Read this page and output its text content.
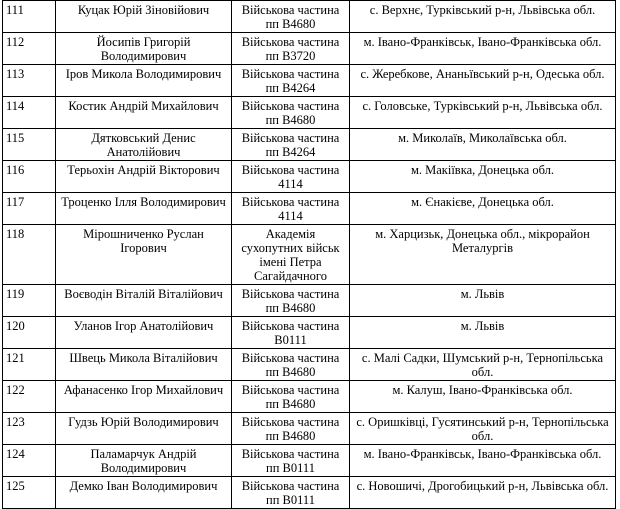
111	Куцак Юрій Зіновійович	Військова частина пп В4680	с. Верхнє, Турківський р-н, Львівська обл.
112	Йосипів Григорій Володимирович	Військова частина пп В3720	м. Івано-Франківськ, Івано-Франківська обл.
113	Іров Микола Володимирович	Військова частина пп В4264	с. Жеребкове, Ананьївський р-н, Одеська обл.
114	Костик Андрій Михайлович	Військова частина пп В4680	с. Головське, Турківський р-н, Львівська обл.
115	Дятковський Денис Анатолійович	Військова частина пп В4264	м. Миколаїв, Миколаївська обл.
116	Терьохін Андрій Вікторович	Військова частина 4114	м. Макіївка, Донецька обл.
117	Троценко Ілля Володимирович	Військова частина 4114	м. Єнакієве, Донецька обл.
118	Мірошниченко Руслан Ігорович	Академія сухопутних військ імені Петра Сагайдачного	м. Харцизьк, Донецька обл., мікрорайон Металургів
119	Воєводін Віталій Віталійович	Військова частина пп В4680	м. Львів
120	Уланов Ігор Анатолійович	Військова частина В0111	м. Львів
121	Швець Микола Віталійович	Військова частина пп В4680	с. Малі Садки, Шумський р-н, Тернопільська обл.
122	Афанасенко Ігор Михайлович	Військова частина пп В4680	м. Калуш, Івано-Франківська обл.
123	Гудзь Юрій Володимирович	Військова частина пп В4680	с. Оришківці, Гусятинський р-н, Тернопільська обл.
124	Паламарчук Андрій Володимирович	Військова частина пп В0111	м. Івано-Франківськ, Івано-Франківська обл.
125	Демко Іван Володимирович	Військова частина пп В0111	с. Новошичі, Дрогобицький р-н, Львівська обл.
